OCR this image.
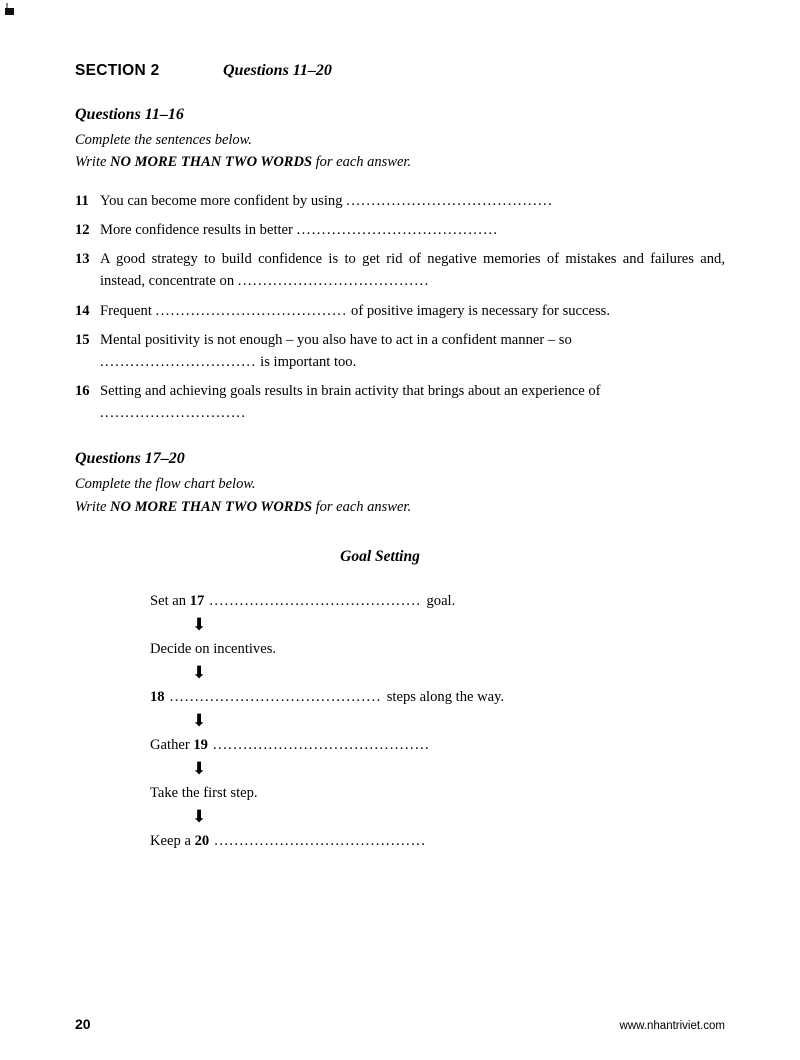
SECTION 2	Questions 11–20
Questions 11–16
Complete the sentences below.
Write NO MORE THAN TWO WORDS for each answer.
11 You can become more confident by using .........................................
12 More confidence results in better ........................................
13 A good strategy to build confidence is to get rid of negative memories of mistakes and failures and, instead, concentrate on ......................................
14 Frequent ...................................... of positive imagery is necessary for success.
15 Mental positivity is not enough – you also have to act in a confident manner – so ............................... is important too.
16 Setting and achieving goals results in brain activity that brings about an experience of .............................
Questions 17–20
Complete the flow chart below.
Write NO MORE THAN TWO WORDS for each answer.
Goal Setting
Set an 17 .......................................... goal.
⬇
Decide on incentives.
⬇
18 .......................................... steps along the way.
⬇
Gather 19 ...........................................
⬇
Take the first step.
⬇
Keep a 20 ..........................................
20	www.nhantriviet.com
